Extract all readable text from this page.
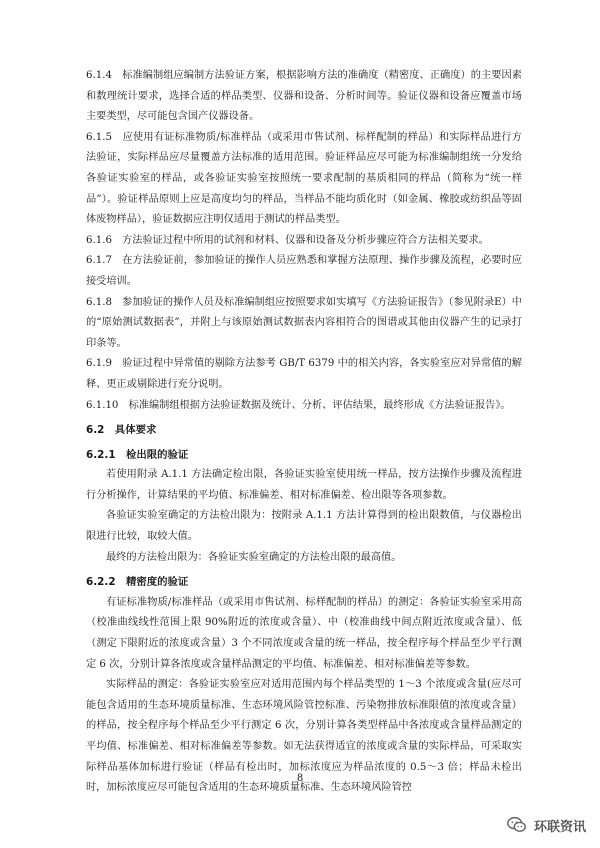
6.1.4　标准编制组应编制方法验证方案，根据影响方法的准确度（精密度、正确度）的主要因素和数理统计要求，选择合适的样品类型、仪器和设备、分析时间等。验证仪器和设备应覆盖市场主要类型，尽可能包含国产仪器设备。

6.1.5　应使用有证标准物质/标准样品（或采用市售试剂、标样配制的样品）和实际样品进行方法验证，实际样品应尽量覆盖方法标准的适用范围。验证样品应尽可能为标准编制组统一分发给各验证实验室的样品，或各验证实验室按照统一要求配制的基质相同的样品（简称为“统一样品”）。验证样品原则上应是高度均匀的样品，当样品不能均质化时（如金属、橡胶或纺织品等固体废物样品），验证数据应注明仅适用于测试的样品类型。

6.1.6　方法验证过程中所用的试剂和材料、仪器和设备及分析步骤应符合方法相关要求。

6.1.7　在方法验证前，参加验证的操作人员应熟悉和掌握方法原理、操作步骤及流程，必要时应接受培训。

6.1.8　参加验证的操作人员及标准编制组应按照要求如实填写《方法验证报告》（参见附录E）中的“原始测试数据表”，并附上与该原始测试数据表内容相符合的图谱或其他由仪器产生的记录打印条等。

6.1.9　验证过程中异常值的剔除方法参考 GB/T 6379 中的相关内容，各实验室应对异常值的解释、更正或剔除进行充分说明。

6.1.10　标准编制组根据方法验证数据及统计、分析、评估结果，最终形成《方法验证报告》。

6.2　具体要求

6.2.1　检出限的验证

若使用附录 A.1.1 方法确定检出限，各验证实验室使用统一样品，按方法操作步骤及流程进行分析操作，计算结果的平均值、标准偏差、相对标准偏差、检出限等各项参数。

各验证实验室确定的方法检出限为：按附录 A.1.1 方法计算得到的检出限数值，与仪器检出限进行比较，取较大值。

最终的方法检出限为：各验证实验室确定的方法检出限的最高值。

6.2.2　精密度的验证

有证标准物质/标准样品（或采用市售试剂、标样配制的样品）的测定：各验证实验室采用高（校准曲线线性范围上限 90%附近的浓度或含量）、中（校准曲线中间点附近浓度或含量）、低（测定下限附近的浓度或含量）3 个不同浓度或含量的统一样品，按全程序每个样品至少平行测定 6 次，分别计算各浓度或含量样品测定的平均值、标准偏差、相对标准偏差等参数。

实际样品的测定：各验证实验室应对适用范围内每个样品类型的 1～3 个浓度或含量(应尽可能包含适用的生态环境质量标准、生态环境风险管控标准、污染物排放标准限值的浓度或含量）的样品，按全程序每个样品至少平行测定 6 次，分别计算各类型样品中各浓度或含量样品测定的平均值、标准偏差、相对标准偏差等参数。如无法获得适宜的浓度或含量的实际样品，可采取实际样品基体加标进行验证（样品有检出时，加标浓度应为样品浓度的 0.5～3 倍；样品未检出时，加标浓度应尽可能包含适用的生态环境质量标准、生态环境风险管控

8
环联资讯
